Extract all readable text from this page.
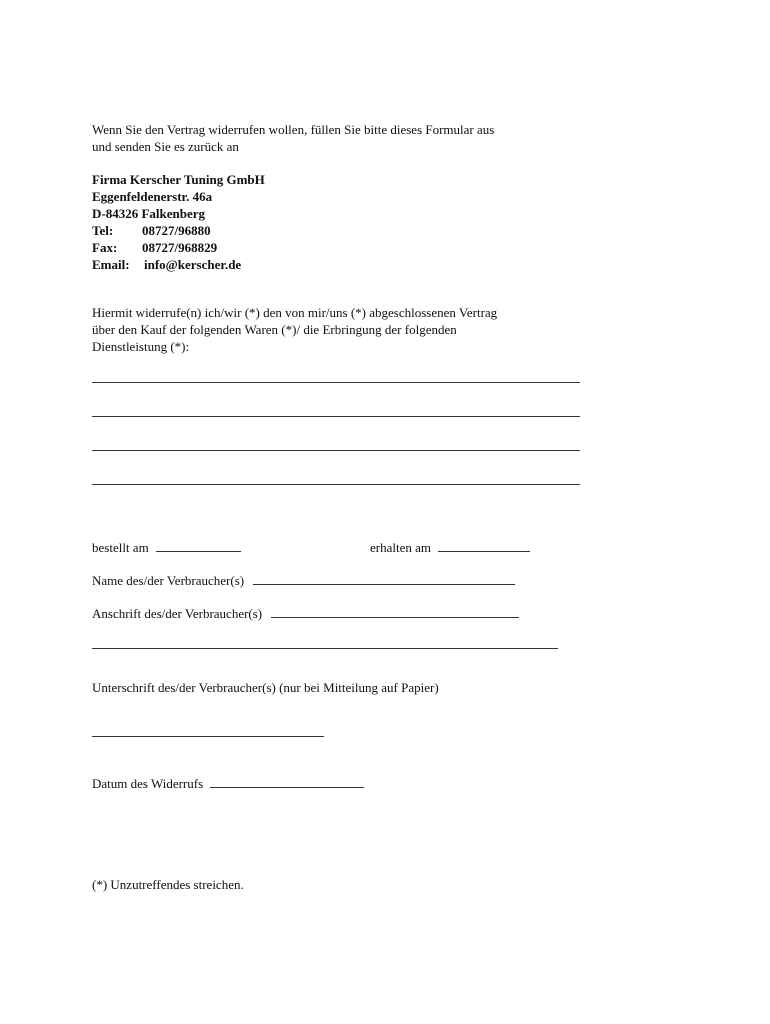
Wenn Sie den Vertrag widerrufen wollen, füllen Sie bitte dieses Formular aus

und senden Sie es zurück an

Firma Kerscher Tuning GmbH
Eggenfeldenerstr. 46a
D-84326 Falkenberg
Tel: 08727/96880
Fax: 08727/968829
Email: info@kerscher.de

Hiermit widerrufe(n) ich/wir (*) den von mir/uns (*) abgeschlossenen Vertrag

über den Kauf der folgenden Waren (*)/ die Erbringung der folgenden

Dienstleistung (*):

bestellt am	erhalten am
Name des/der Verbraucher(s)
Anschrift des/der Verbraucher(s)
Unterschrift des/der Verbraucher(s) (nur bei Mitteilung auf Papier)
Datum des Widerrufs
(*) Unzutreffendes streichen.
